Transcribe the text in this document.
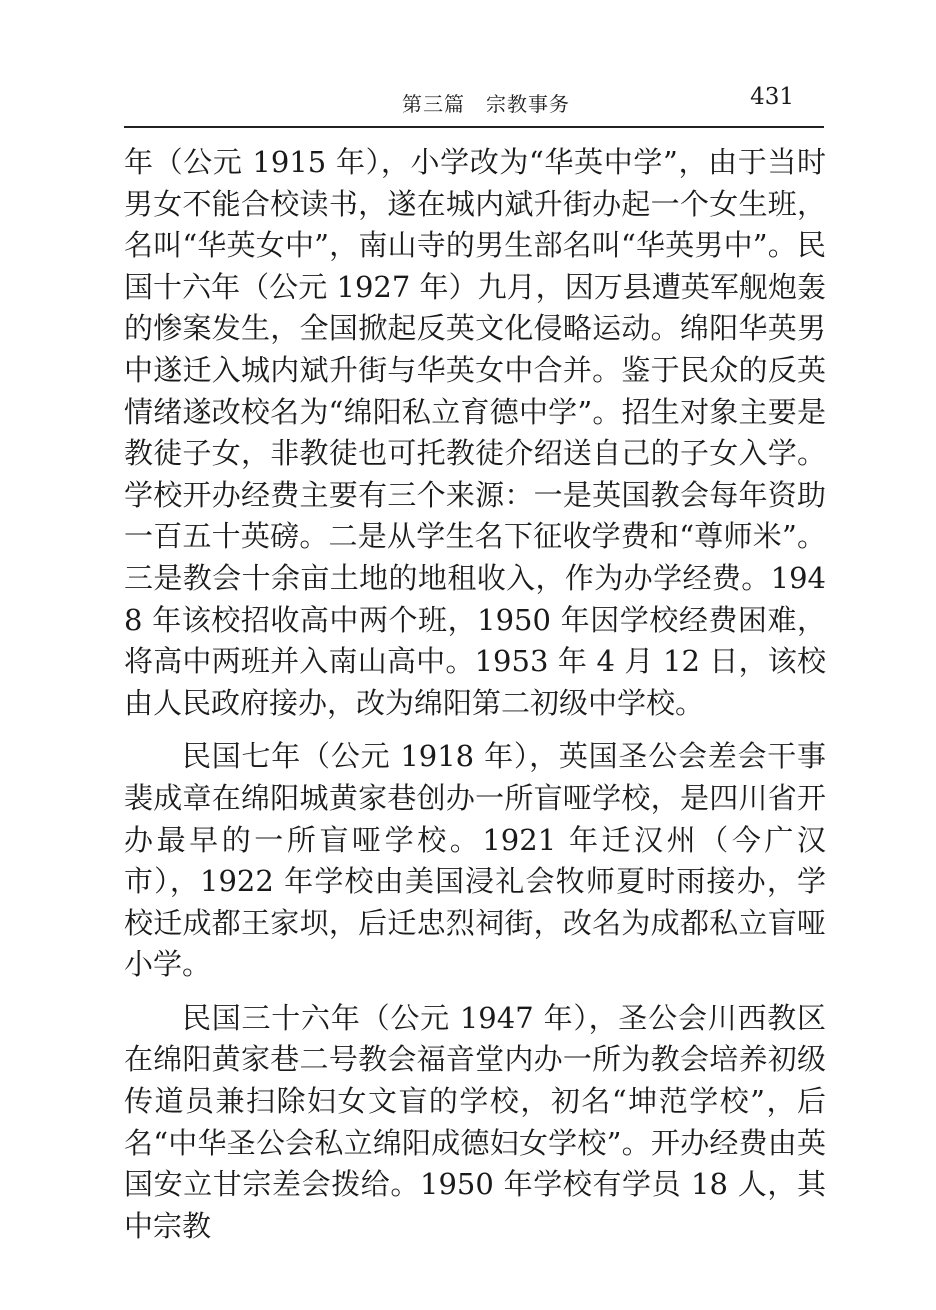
第三篇　宗教事务	431

年（公元 1915 年），小学改为“华英中学”，由于当时男女不能合校读书，遂在城内斌升街办起一个女生班，名叫“华英女中”，南山寺的男生部名叫“华英男中”。民国十六年（公元 1927 年）九月，因万县遭英军舰炮轰的惨案发生，全国掀起反英文化侵略运动。绵阳华英男中遂迁入城内斌升街与华英女中合并。鉴于民众的反英情绪遂改校名为“绵阳私立育德中学”。招生对象主要是教徒子女，非教徒也可托教徒介绍送自己的子女入学。学校开办经费主要有三个来源：一是英国教会每年资助一百五十英磅。二是从学生名下征收学费和“尊师米”。三是教会十余亩土地的地租收入，作为办学经费。1948 年该校招收高中两个班，1950 年因学校经费困难，将高中两班并入南山高中。1953 年 4 月 12 日，该校由人民政府接办，改为绵阳第二初级中学校。

民国七年（公元 1918 年），英国圣公会差会干事裴成章在绵阳城黄家巷创办一所盲哑学校，是四川省开办最早的一所盲哑学校。1921 年迁汉州（今广汉市），1922 年学校由美国浸礼会牧师夏时雨接办，学校迁成都王家坝，后迁忠烈祠街，改名为成都私立盲哑小学。

民国三十六年（公元 1947 年），圣公会川西教区在绵阳黄家巷二号教会福音堂内办一所为教会培养初级传道员兼扫除妇女文盲的学校，初名“坤范学校”，后名“中华圣公会私立绵阳成德妇女学校”。开办经费由英国安立甘宗差会拨给。1950 年学校有学员 18 人，其中宗教
